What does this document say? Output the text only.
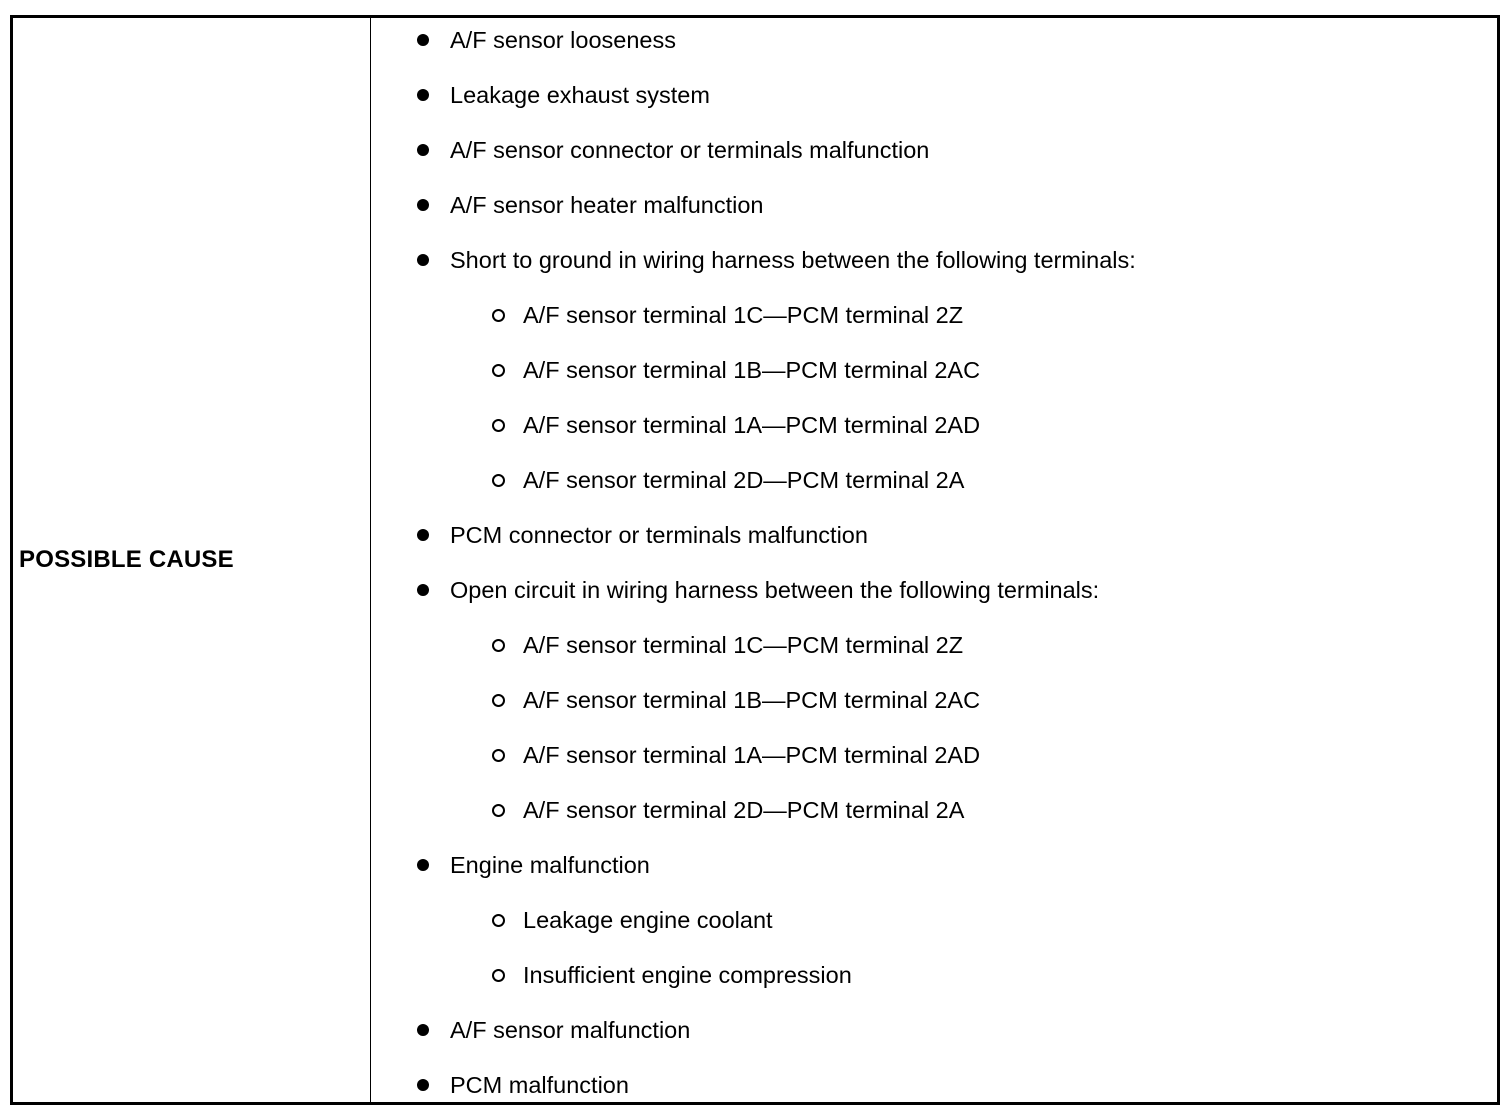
POSSIBLE CAUSE
A/F sensor looseness
Leakage exhaust system
A/F sensor connector or terminals malfunction
A/F sensor heater malfunction
Short to ground in wiring harness between the following terminals:
A/F sensor terminal 1C—PCM terminal 2Z
A/F sensor terminal 1B—PCM terminal 2AC
A/F sensor terminal 1A—PCM terminal 2AD
A/F sensor terminal 2D—PCM terminal 2A
PCM connector or terminals malfunction
Open circuit in wiring harness between the following terminals:
A/F sensor terminal 1C—PCM terminal 2Z
A/F sensor terminal 1B—PCM terminal 2AC
A/F sensor terminal 1A—PCM terminal 2AD
A/F sensor terminal 2D—PCM terminal 2A
Engine malfunction
Leakage engine coolant
Insufficient engine compression
A/F sensor malfunction
PCM malfunction
